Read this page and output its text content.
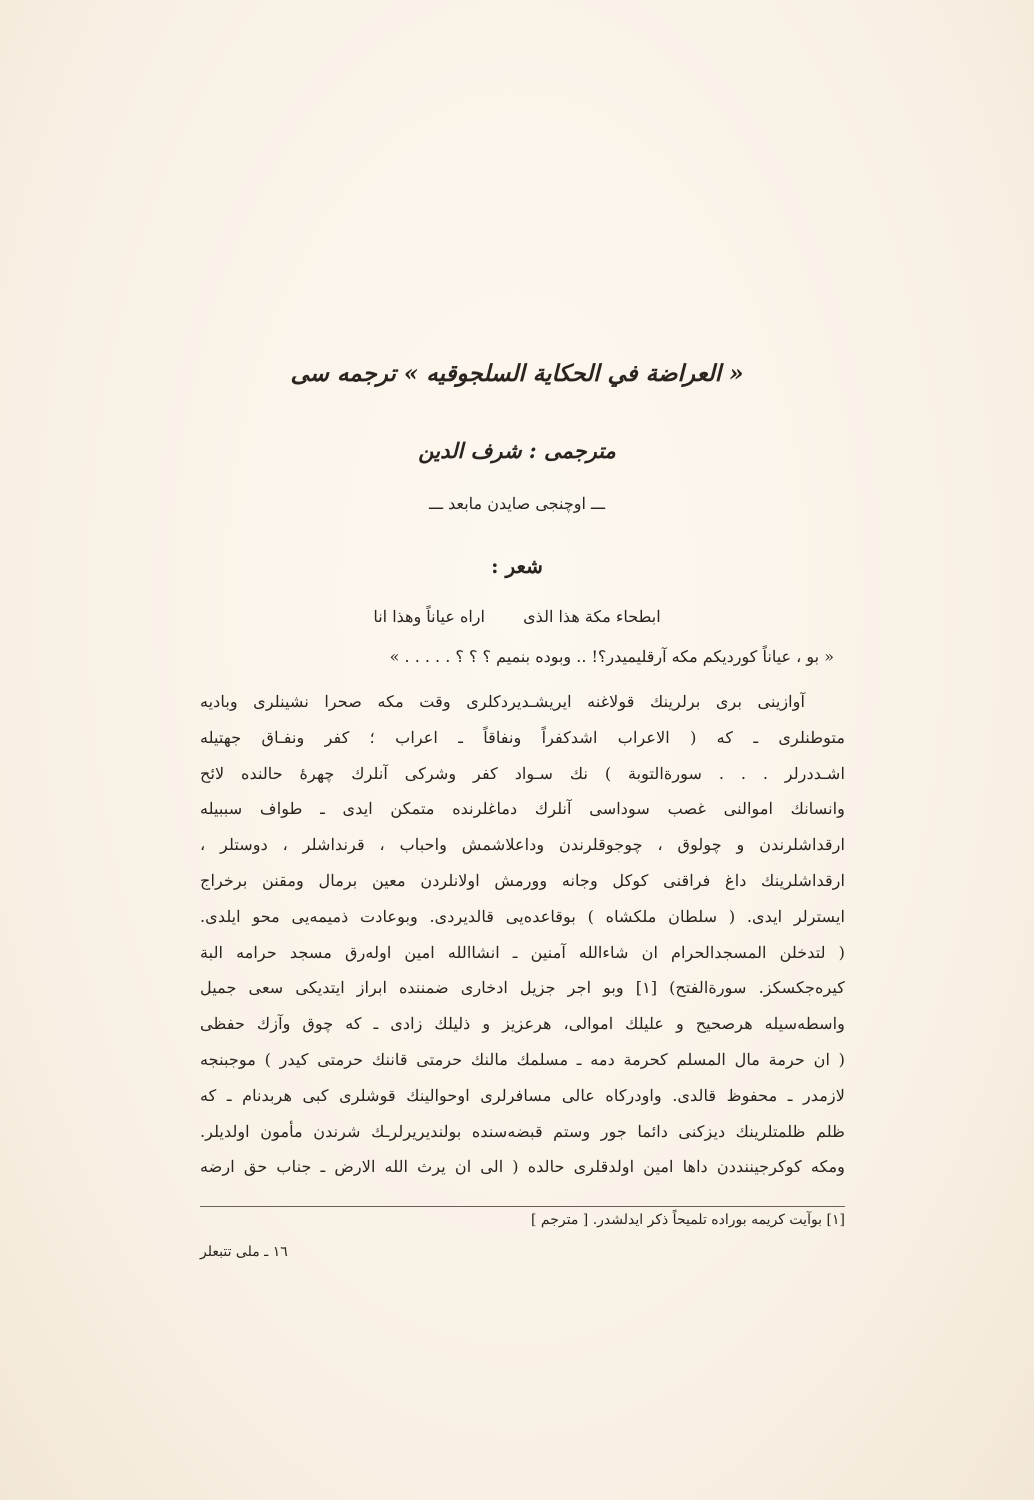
« العراضة في الحكاية السلجوقيه » ترجمه سی
مترجمی : شرف الدین
ـــ اوچنجی صایدن مابعد ـــ
شعر :
ابطحاء مكة هذا الذى  اراه عياناً وهذا انا
« بو ، عياناً كورديكم مكه آرقليميدر؟! .. وبوده بنميم ؟ ؟ ؟ . . . . . »
آوازینی بری برلرینك قولاغنه ایریشـدیردكلری وقت مكه صحرا نشینلری وبادیه
متوطنلری ـ كه ( الاعراب اشدكفراً ونفاقاً ـ اعراب ؛ كفر ونفـاق جهتیله
اشـددرلر . . . سورةالتوبة ) نك سـواد كفر وشركی آنلرك چهرهٔ حالنده لائح
وانسانك اموالنی غصب سوداسی آنلرك دماغلرنده متمكن ایدی ـ طواف سببیله
ارقداشلرندن و چولوق ، چوجوقلرندن وداعلاشمش واحباب ، قرنداشلر ، دوستلر ،
ارقداشلرینك داغ فراقنی كوكل وجانه وورمش اولانلردن معین برمال ومقنن برخراج
ایسترلر ایدی. ( سلطان ملكشاه ) بوقاعده‌یی قالدیردی. وبوعادت ذمیمه‌یی محو ایلدی.
( لتدخلن المسجدالحرام ان شاءالله آمنین ـ انشاالله امین اوله‌رق مسجد حرامه البة
كیره‌جكسكز. سورةالفتح) [١] وبو اجر جزیل ادخاری ضمننده ابراز ایتدیكی سعی جمیل
واسطه‌سیله هرصحیح و علیلك اموالی، هرعزیز و ذلیلك زادی ـ كه چوق وآزك حفظی
( ان حرمة مال المسلم كحرمة دمه ـ مسلمك مالنك حرمتی قاننك حرمتی كیدر ) موجبنجه
لازمدر ـ محفوظ قالدی. واودركاه عالی مسافرلری اوحوالینك قوشلری كبی هربدنام ـ كه
ظلم ظلمتلرینك دیزكنی دائما جور وستم قبضه‌سنده بولندیریرلرـك شرندن مأمون اولدیلر.
ومكه كوكرجیننددن داها امین اولدقلری حالده ( الی ان یرث الله الارض ـ جناب حق ارضه
[١] بوآیت كریمه بوراده تلمیحاً ذكر ایدلشدر. [ مترجم ]
١٦ ـ ملی تتبعلر
